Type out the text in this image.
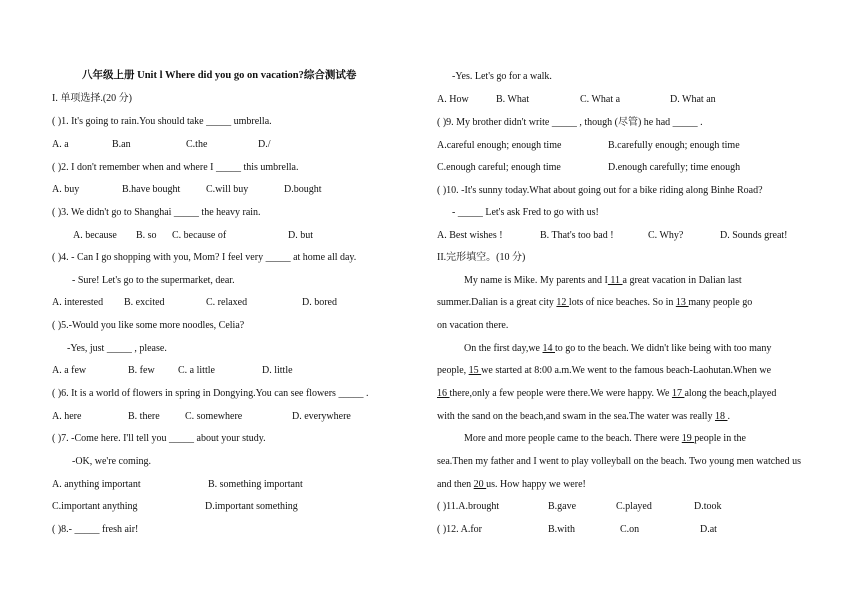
八年级上册 Unit l Where did you go on vacation?综合测试卷
I. 单项选择.(20 分)
( )1. It's going to rain.You should take _____ umbrella.
A. a	B.an	C.the	D./
( )2. I don't remember when and where I _____ this umbrella.
A. buy	B.have bought	C.will buy	D.bought
( )3. We didn't go to Shanghai _____ the heavy rain.
A. because B. so C. because of	D. but
( )4. - Can I go shopping with you, Mom? I feel very _____ at home all day.
- Sure! Let's go to the supermarket, dear.
A. interested B. excited	C. relaxed	D. bored
( )5.-Would you like some more noodles, Celia?
-Yes, just _____ , please.
A. a few	B. few C. a little	D. little
( )6. It is a world of flowers in spring in Dongying.You can see flowers _____ .
A. here	B. there	C. somewhere	D. everywhere
( )7. -Come here. I'll tell you _____ about your study.
-OK, we're coming.
A. anything important	B. something important
C.important anything	D.important something
( )8.- _____ fresh air!
-Yes. Let's go for a walk.
A. How	B. What	C. What a	D. What an
( )9. My brother didn't write _____ , though (尽管) he had _____ .
A.careful enough; enough time	B.carefully enough; enough time
C.enough careful; enough time	D.enough carefully; time enough
( )10. -It's sunny today.What about going out for a bike riding along Binhe Road?
- _____ Let's ask Fred to go with us!
A. Best wishes !	B. That's too bad !	C. Why?	D. Sounds great!
II.完形填空。(10 分)
My name is Mike. My parents and I 11 a great vacation in Dalian last
summer.Dalian is a great city 12 lots of nice beaches. So in 13 many people go
on vacation there.
On the first day,we 14 to go to the beach. We didn't like being with too many
people, 15 we started at 8:00 a.m.We went to the famous beach-Laohutan.When we
16 there,only a few people were there.We were happy. We 17 along the beach,played
with the sand on the beach,and swam in the sea.The water was really 18 .
More and more people came to the beach. There were 19 people in the
sea.Then my father and I went to play volleyball on the beach. Two young men watched us
and then 20 us. How happy we were!
( )11.A.brought	B.gave	C.played	D.took
( )12. A.for	B.with	C.on	D.at
